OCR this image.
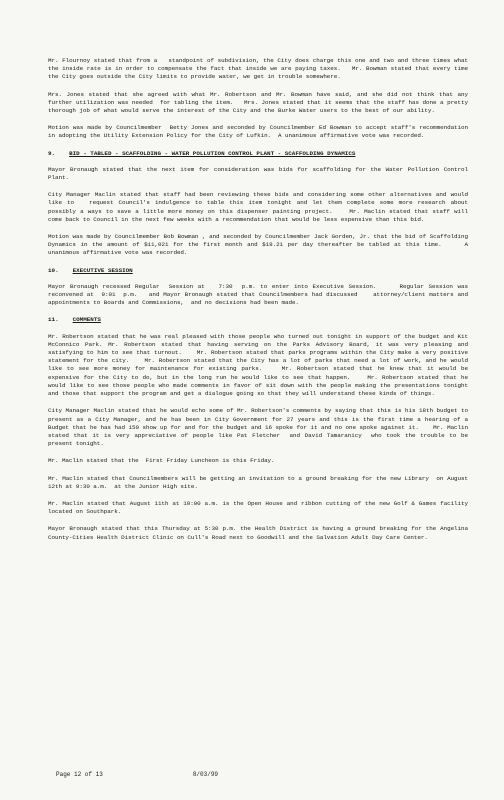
Mr. Flournoy stated that from a   standpoint of subdivision, the City does charge this one and two and three times what the inside rate is in order to compensate the fact that inside we are paying taxes.   Mr. Bowman stated that every time the City goes outside the City limits to provide water, we get in trouble somewhere.

Mrs. Jones stated that she agreed with what Mr. Robertson and Mr. Bowman have said, and she did not think that any further utilization was needed  for tabling the item.   Mrs. Jones stated that it seems that the staff has done a pretty thorough job of what would serve the interest of the City and the Burke Water users to the best of our ability.

Motion was made by Councilmember  Betty Jones and seconded by Councilmember Ed Bowman to accept staff's recommendation in adopting the Utility Extension Policy for the City of Lufkin.  A unanimous affirmative vote was recorded.

9. BID - TABLED - SCAFFOLDING - WATER POLLUTION CONTROL PLANT - SCAFFOLDING DYNAMICS

Mayor Bronaugh stated that the next item for consideration was bids for scaffolding for the Water Pollution Control Plant.

City Manager Maclin stated that staff had been reviewing these bids and considering some other alternatives and would like to   request Council's indulgence to table this item tonight and let them complete some more research about possibly a ways to save a little more money on this dispenser painting project.    Mr. Maclin stated that staff will come back to Council in the next few weeks with a recommendation that would be less expensive than this bid.

Motion was made by Councilmember Bob Bowman , and seconded by Councilmember Jack Gorden, Jr. that the bid of Scaffolding Dynamics in the amount of $11,021 for the first month and $19.21 per day thereafter be tabled at this time.     A unanimous affirmative vote was recorded.

10. EXECUTIVE SESSION

Mayor Bronaugh recessed Regular  Session at   7:30  p.m. to enter into Executive Session.     Regular Session was reconvened at  9:01  p.m.   and Mayor Bronaugh stated that Councilmembers had discussed    attorney/client matters and appointments to Boards and Commissions,  and no decisions had been made.

11. COMMENTS

Mr. Robertson stated that he was real pleased with those people who turned out tonight in support of the budget and Kit McConnico Park. Mr. Robertson stated that having serving on the Parks Advisory Board, it was very pleasing and satisfying to him to see that turnout.    Mr. Robertson stated that parks programs within the City make a very positive statement for the city.    Mr. Robertson stated that the City has a lot of parks that need a lot of work, and he would like to see more money for maintenance for existing parks.    Mr. Robertson stated that he knew that it would be expensive for the City to do, but in the long run he would like to see that happen.    Mr. Robertson stated that he would like to see those people who made comments in favor of sit down with the people making the presentations tonight and those that support the program and get a dialogue going so that they will understand these kinds of things.

City Manager Maclin stated that he would echo some of Mr. Robertson's comments by saying that this is his 18th budget to present as a City Manager, and he has been in City Government for 27 years and this is the first time a hearing of a Budget that he has had 150 show up for and for the budget and 16 spoke for it and no one spoke against it.    Mr. Maclin stated that it is very appreciative of people like Pat Fletcher  and David Tamaranicy  who took the trouble to be present tonight.

Mr. Maclin stated that the  First Friday Luncheon is this Friday.

Mr. Maclin stated that Councilmembers will be getting an invitation to a ground breaking for the new Library  on August 12th at 9:30 a.m.  at the Junior High site.

Mr. Maclin stated that August 11th at 10:00 a.m. is the Open House and ribbon cutting of the new Golf & Games facility located on Southpark.

Mayor Bronaugh stated that this Thursday at 5:30 p.m. the Health District is having a ground breaking for the Angelina County-Cities Health District Clinic on Cull's Road next to Goodwill and the Salvation Adult Day Care Center.

Page 12 of 13	8/03/99
